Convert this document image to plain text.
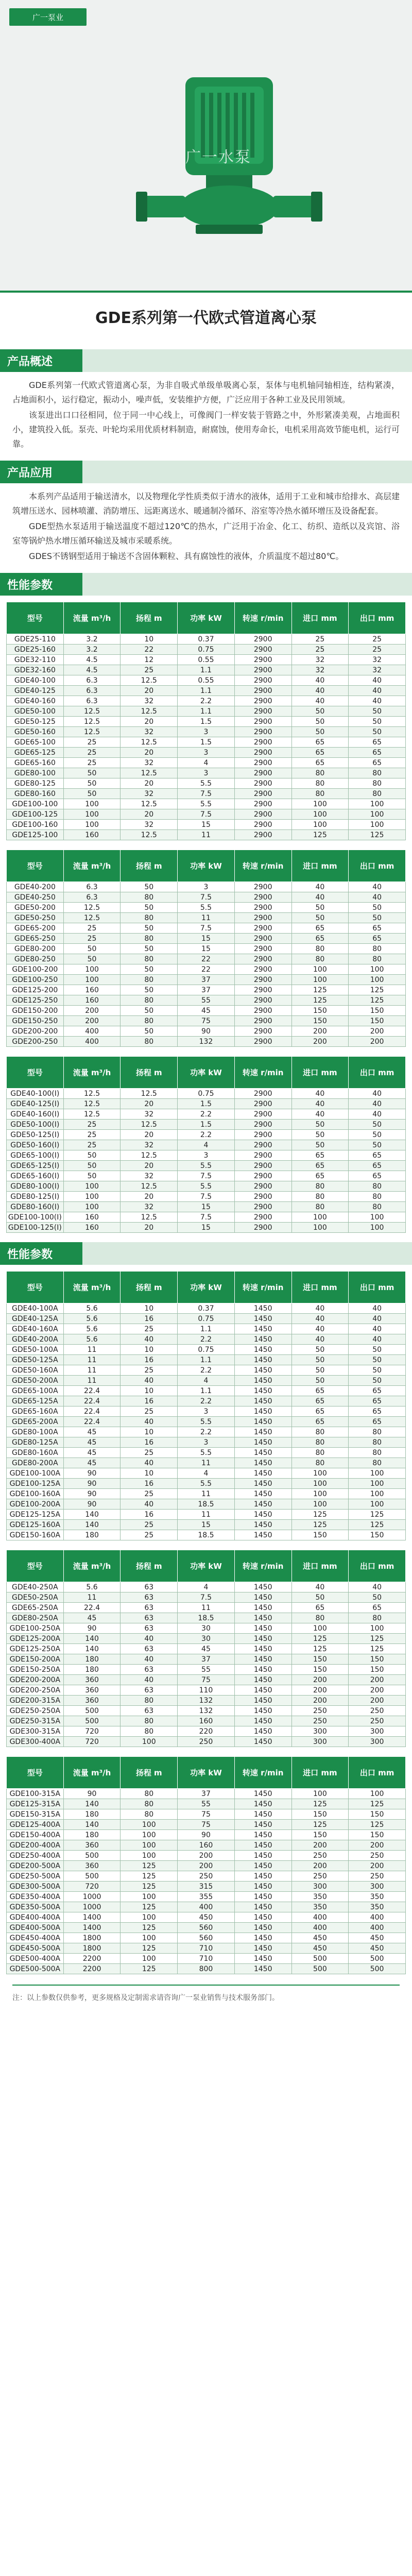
广一泵业
广一水泵
GDE系列第一代欧式管道离心泵
产品概述

GDE系列第一代欧式管道离心泵，为非自吸式单级单吸离心泵，泵体与电机轴同轴相连，结构紧凑，占地面积小，运行稳定，振动小，噪声低，安装维护方便，广泛应用于各种工业及民用领域。

该泵进出口口径相同，位于同一中心线上，可像阀门一样安装于管路之中，外形紧凑美观，占地面积小，建筑投入低。泵壳、叶轮均采用优质材料制造，耐腐蚀，使用寿命长，电机采用高效节能电机，运行可靠。

产品应用

本系列产品适用于输送清水，以及物理化学性质类似于清水的液体，适用于工业和城市给排水、高层建筑增压送水、园林喷灌、消防增压、远距离送水、暖通制冷循环、浴室等冷热水循环增压及设备配套。

GDE型热水泵适用于输送温度不超过120℃的热水，广泛用于冶金、化工、纺织、造纸以及宾馆、浴室等锅炉热水增压循环输送及城市采暖系统。

GDES不锈钢型适用于输送不含固体颗粒、具有腐蚀性的液体，介质温度不超过80℃。

性能参数
型号	流量 m³/h	扬程 m	功率 kW	转速 r/min	进口 mm	出口 mm
GDE25-110	3.2	10	0.37	2900	25	25
GDE25-160	3.2	22	0.75	2900	25	25
GDE32-110	4.5	12	0.55	2900	32	32
GDE32-160	4.5	25	1.1	2900	32	32
GDE40-100	6.3	12.5	0.55	2900	40	40
GDE40-125	6.3	20	1.1	2900	40	40
GDE40-160	6.3	32	2.2	2900	40	40
GDE50-100	12.5	12.5	1.1	2900	50	50
GDE50-125	12.5	20	1.5	2900	50	50
GDE50-160	12.5	32	3	2900	50	50
GDE65-100	25	12.5	1.5	2900	65	65
GDE65-125	25	20	3	2900	65	65
GDE65-160	25	32	4	2900	65	65
GDE80-100	50	12.5	3	2900	80	80
GDE80-125	50	20	5.5	2900	80	80
GDE80-160	50	32	7.5	2900	80	80
GDE100-100	100	12.5	5.5	2900	100	100
GDE100-125	100	20	7.5	2900	100	100
GDE100-160	100	32	15	2900	100	100
GDE125-100	160	12.5	11	2900	125	125
型号	流量 m³/h	扬程 m	功率 kW	转速 r/min	进口 mm	出口 mm
GDE40-200	6.3	50	3	2900	40	40
GDE40-250	6.3	80	7.5	2900	40	40
GDE50-200	12.5	50	5.5	2900	50	50
GDE50-250	12.5	80	11	2900	50	50
GDE65-200	25	50	7.5	2900	65	65
GDE65-250	25	80	15	2900	65	65
GDE80-200	50	50	15	2900	80	80
GDE80-250	50	80	22	2900	80	80
GDE100-200	100	50	22	2900	100	100
GDE100-250	100	80	37	2900	100	100
GDE125-200	160	50	37	2900	125	125
GDE125-250	160	80	55	2900	125	125
GDE150-200	200	50	45	2900	150	150
GDE150-250	200	80	75	2900	150	150
GDE200-200	400	50	90	2900	200	200
GDE200-250	400	80	132	2900	200	200
型号	流量 m³/h	扬程 m	功率 kW	转速 r/min	进口 mm	出口 mm
GDE40-100(I)	12.5	12.5	0.75	2900	40	40
GDE40-125(I)	12.5	20	1.5	2900	40	40
GDE40-160(I)	12.5	32	2.2	2900	40	40
GDE50-100(I)	25	12.5	1.5	2900	50	50
GDE50-125(I)	25	20	2.2	2900	50	50
GDE50-160(I)	25	32	4	2900	50	50
GDE65-100(I)	50	12.5	3	2900	65	65
GDE65-125(I)	50	20	5.5	2900	65	65
GDE65-160(I)	50	32	7.5	2900	65	65
GDE80-100(I)	100	12.5	5.5	2900	80	80
GDE80-125(I)	100	20	7.5	2900	80	80
GDE80-160(I)	100	32	15	2900	80	80
GDE100-100(I)	160	12.5	7.5	2900	100	100
GDE100-125(I)	160	20	15	2900	100	100
性能参数
型号	流量 m³/h	扬程 m	功率 kW	转速 r/min	进口 mm	出口 mm
GDE40-100A	5.6	10	0.37	1450	40	40
GDE40-125A	5.6	16	0.75	1450	40	40
GDE40-160A	5.6	25	1.1	1450	40	40
GDE40-200A	5.6	40	2.2	1450	40	40
GDE50-100A	11	10	0.75	1450	50	50
GDE50-125A	11	16	1.1	1450	50	50
GDE50-160A	11	25	2.2	1450	50	50
GDE50-200A	11	40	4	1450	50	50
GDE65-100A	22.4	10	1.1	1450	65	65
GDE65-125A	22.4	16	2.2	1450	65	65
GDE65-160A	22.4	25	3	1450	65	65
GDE65-200A	22.4	40	5.5	1450	65	65
GDE80-100A	45	10	2.2	1450	80	80
GDE80-125A	45	16	3	1450	80	80
GDE80-160A	45	25	5.5	1450	80	80
GDE80-200A	45	40	11	1450	80	80
GDE100-100A	90	10	4	1450	100	100
GDE100-125A	90	16	5.5	1450	100	100
GDE100-160A	90	25	11	1450	100	100
GDE100-200A	90	40	18.5	1450	100	100
GDE125-125A	140	16	11	1450	125	125
GDE125-160A	140	25	15	1450	125	125
GDE150-160A	180	25	18.5	1450	150	150
型号	流量 m³/h	扬程 m	功率 kW	转速 r/min	进口 mm	出口 mm
GDE40-250A	5.6	63	4	1450	40	40
GDE50-250A	11	63	7.5	1450	50	50
GDE65-250A	22.4	63	11	1450	65	65
GDE80-250A	45	63	18.5	1450	80	80
GDE100-250A	90	63	30	1450	100	100
GDE125-200A	140	40	30	1450	125	125
GDE125-250A	140	63	45	1450	125	125
GDE150-200A	180	40	37	1450	150	150
GDE150-250A	180	63	55	1450	150	150
GDE200-200A	360	40	75	1450	200	200
GDE200-250A	360	63	110	1450	200	200
GDE200-315A	360	80	132	1450	200	200
GDE250-250A	500	63	132	1450	250	250
GDE250-315A	500	80	160	1450	250	250
GDE300-315A	720	80	220	1450	300	300
GDE300-400A	720	100	250	1450	300	300
型号	流量 m³/h	扬程 m	功率 kW	转速 r/min	进口 mm	出口 mm
GDE100-315A	90	80	37	1450	100	100
GDE125-315A	140	80	55	1450	125	125
GDE150-315A	180	80	75	1450	150	150
GDE125-400A	140	100	75	1450	125	125
GDE150-400A	180	100	90	1450	150	150
GDE200-400A	360	100	160	1450	200	200
GDE250-400A	500	100	200	1450	250	250
GDE200-500A	360	125	200	1450	200	200
GDE250-500A	500	125	250	1450	250	250
GDE300-500A	720	125	315	1450	300	300
GDE350-400A	1000	100	355	1450	350	350
GDE350-500A	1000	125	400	1450	350	350
GDE400-400A	1400	100	450	1450	400	400
GDE400-500A	1400	125	560	1450	400	400
GDE450-400A	1800	100	560	1450	450	450
GDE450-500A	1800	125	710	1450	450	450
GDE500-400A	2200	100	710	1450	500	500
GDE500-500A	2200	125	800	1450	500	500
注：以上参数仅供参考，更多规格及定制需求请咨询广一泵业销售与技术服务部门。
